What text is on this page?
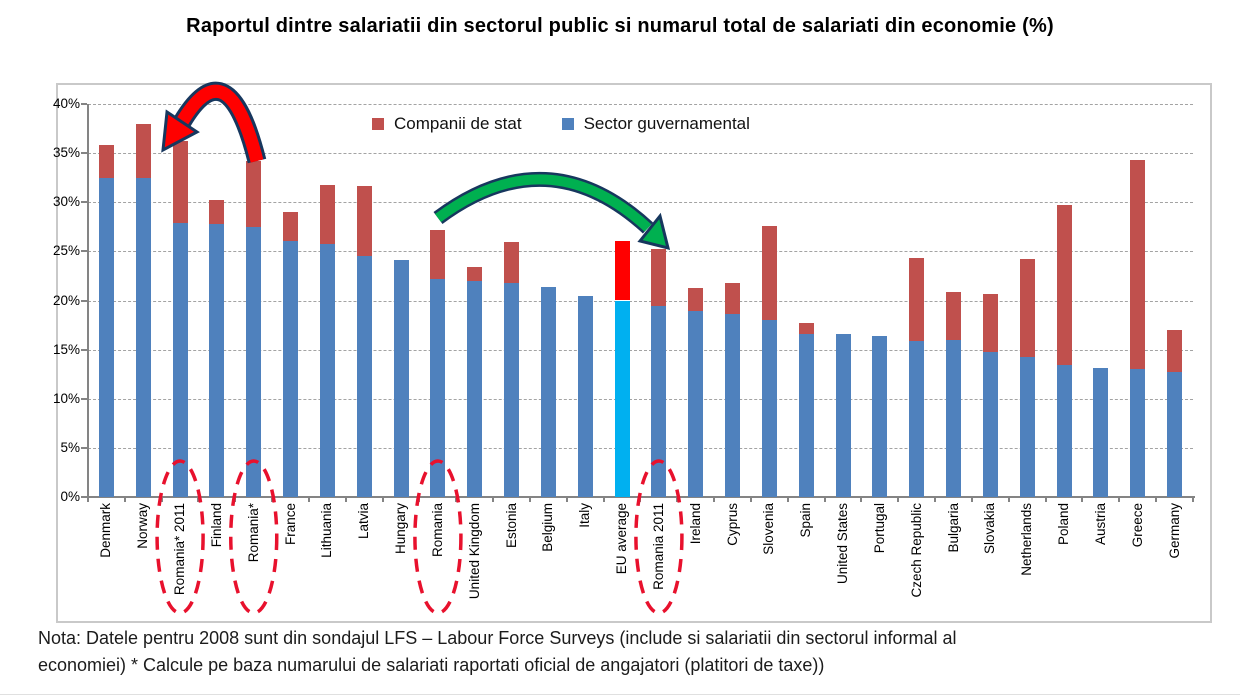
Raportul dintre salariatii din sectorul public si numarul total de salariati din economie (%)
0%
5%
10%
15%
20%
25%
30%
35%
40%
Denmark Norway Romania* 2011 Finland Romania* France Lithuania Latvia Hungary Romania United Kingdom Estonia Belgium Italy EU average Romania 2011 Ireland Cyprus Slovenia Spain United States Portugal Czech Republic Bulgaria Slovakia Netherlands Poland Austria Greece Germany
Companii de stat	Sector guvernamental
Nota: Datele pentru 2008 sunt din sondajul LFS – Labour Force Surveys (include si salariatii din sectorul informal al
economiei) * Calcule pe baza numarului de salariati raportati oficial de angajatori (platitori de taxe))
